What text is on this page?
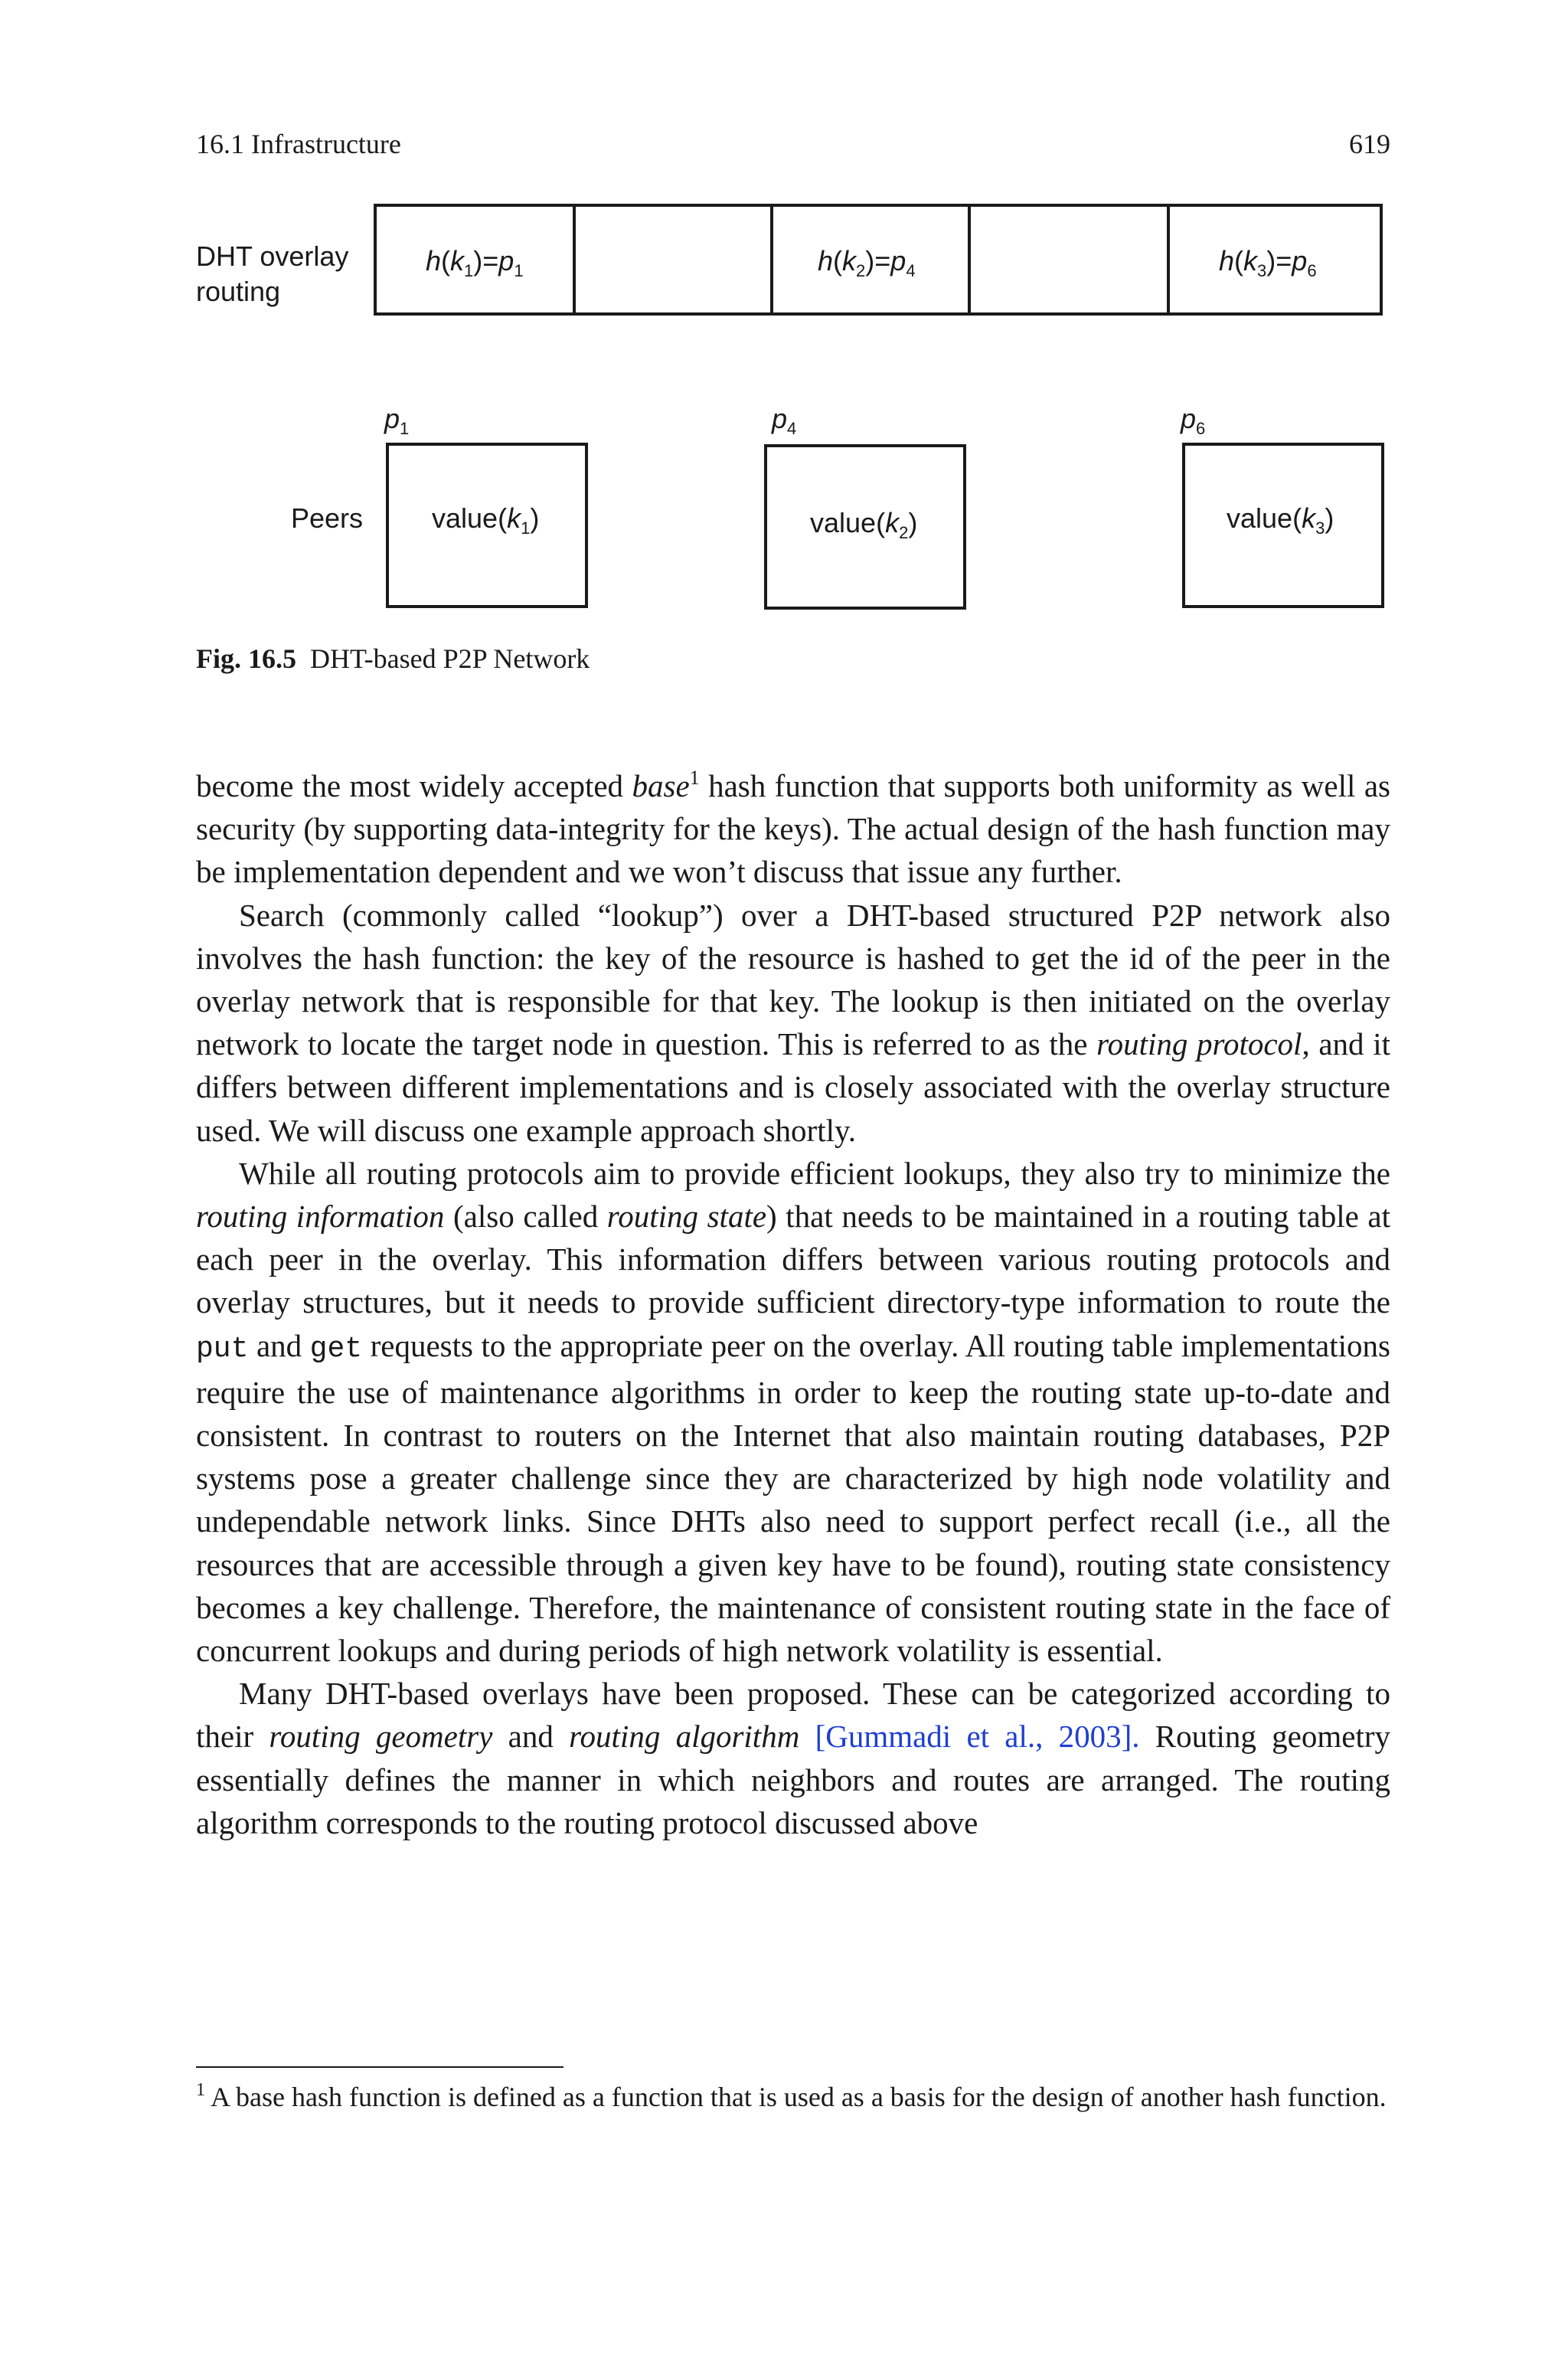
16.1 Infrastructure	619
DHT overlay
routing
$h(k_1)=p_1$	$h(k_2)=p_4$	$h(k_3)=p_6$
$p_1$	$p_4$	$p_6$
Peers $value(k_1)$	$value(k_2)$	$value(k_3)$
Fig. 16.5 DHT-based P2P Network

become the most widely accepted base$^1$ hash function that supports both uniformity as well as security (by supporting data-integrity for the keys). The actual design of the hash function may be implementation dependent and we won’t discuss that issue any further.

Search (commonly called “lookup”) over a DHT-based structured P2P network also involves the hash function: the key of the resource is hashed to get the id of the peer in the overlay network that is responsible for that key. The lookup is then initiated on the overlay network to locate the target node in question. This is referred to as the routing protocol, and it differs between different implementations and is closely associated with the overlay structure used. We will discuss one example approach shortly.

While all routing protocols aim to provide efficient lookups, they also try to minimize the routing information (also called routing state) that needs to be maintained in a routing table at each peer in the overlay. This information differs between various routing protocols and overlay structures, but it needs to provide sufficient directory-type information to route the put and get requests to the appropriate peer on the overlay. All routing table implementations require the use of maintenance algorithms in order to keep the routing state up-to-date and consistent. In contrast to routers on the Internet that also maintain routing databases, P2P systems pose a greater challenge since they are characterized by high node volatility and undependable network links. Since DHTs also need to support perfect recall (i.e., all the resources that are accessible through a given key have to be found), routing state consistency becomes a key challenge. Therefore, the maintenance of consistent routing state in the face of concurrent lookups and during periods of high network volatility is essential.

Many DHT-based overlays have been proposed. These can be categorized according to their routing geometry and routing algorithm [Gummadi et al., 2003]. Routing geometry essentially defines the manner in which neighbors and routes are arranged. The routing algorithm corresponds to the routing protocol discussed above

$^1$ A base hash function is defined as a function that is used as a basis for the design of another hash function.
